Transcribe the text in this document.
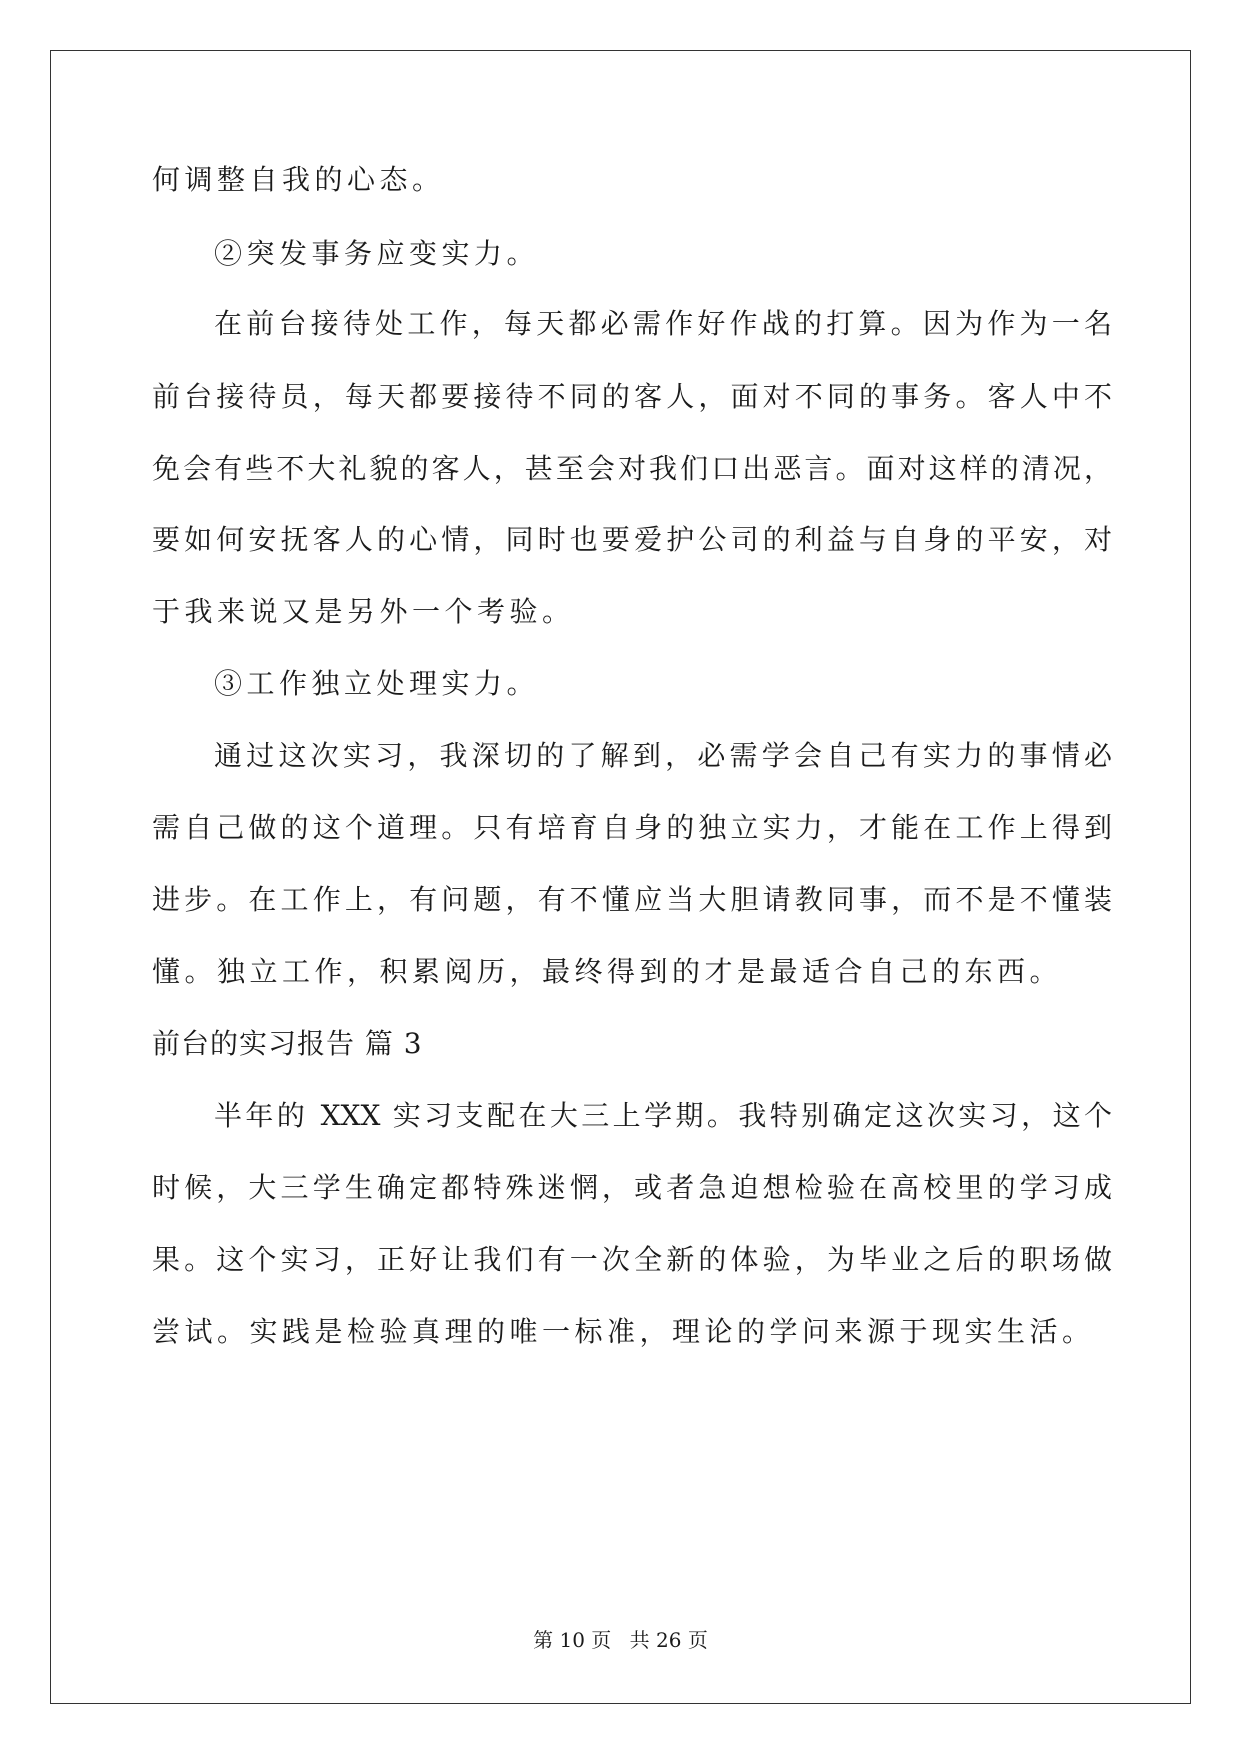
何调整自我的心态。
②突发事务应变实力。
在前台接待处工作，每天都必需作好作战的打算。因为作为一名
前台接待员，每天都要接待不同的客人，面对不同的事务。客人中不
免会有些不大礼貌的客人，甚至会对我们口出恶言。面对这样的清况，
要如何安抚客人的心情，同时也要爱护公司的利益与自身的平安，对
于我来说又是另外一个考验。
③工作独立处理实力。
通过这次实习，我深切的了解到，必需学会自己有实力的事情必
需自己做的这个道理。只有培育自身的独立实力，才能在工作上得到
进步。在工作上，有问题，有不懂应当大胆请教同事，而不是不懂装
懂。独立工作，积累阅历，最终得到的才是最适合自己的东西。
前台的实习报告 篇 3
半年的 XXX 实习支配在大三上学期。我特别确定这次实习，这个
时候，大三学生确定都特殊迷惘，或者急迫想检验在高校里的学习成
果。这个实习，正好让我们有一次全新的体验，为毕业之后的职场做
尝试。实践是检验真理的唯一标准，理论的学问来源于现实生活。
第 10 页 共 26 页
